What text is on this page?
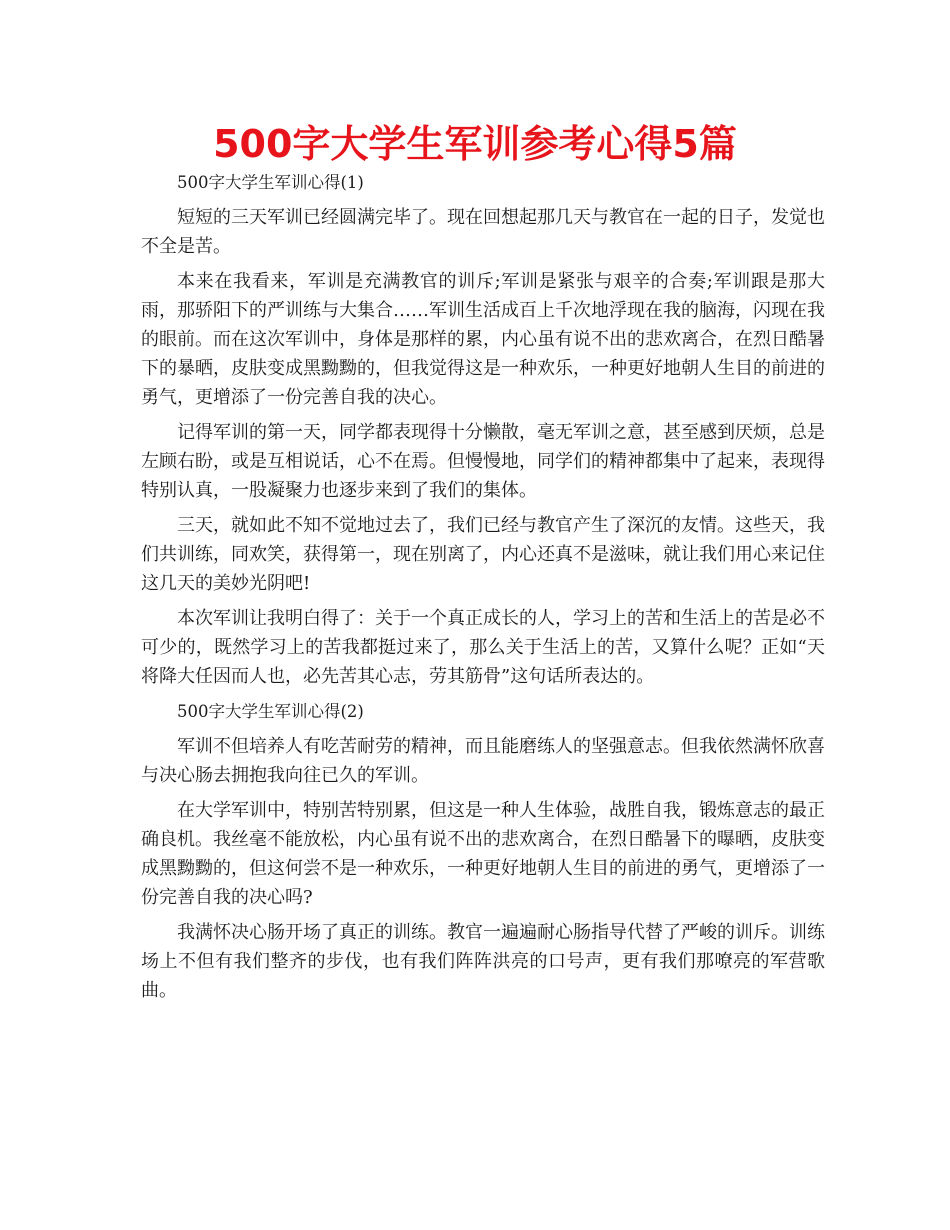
500字大学生军训参考心得5篇

500字大学生军训心得(1)

短短的三天军训已经圆满完毕了。现在回想起那几天与教官在一起的日子，发觉也不全是苦。

本来在我看来，军训是充满教官的训斥;军训是紧张与艰辛的合奏;军训跟是那大雨，那骄阳下的严训练与大集合……军训生活成百上千次地浮现在我的脑海，闪现在我的眼前。而在这次军训中，身体是那样的累，内心虽有说不出的悲欢离合，在烈日酷暑下的暴晒，皮肤变成黑黝黝的，但我觉得这是一种欢乐，一种更好地朝人生目的前进的勇气，更增添了一份完善自我的决心。

记得军训的第一天，同学都表现得十分懒散，毫无军训之意，甚至感到厌烦，总是左顾右盼，或是互相说话，心不在焉。但慢慢地，同学们的精神都集中了起来，表现得特别认真，一股凝聚力也逐步来到了我们的集体。

三天，就如此不知不觉地过去了，我们已经与教官产生了深沉的友情。这些天，我们共训练，同欢笑，获得第一，现在别离了，内心还真不是滋味，就让我们用心来记住这几天的美妙光阴吧!

本次军训让我明白得了：关于一个真正成长的人，学习上的苦和生活上的苦是必不可少的，既然学习上的苦我都挺过来了，那么关于生活上的苦，又算什么呢？正如“天将降大任因而人也，必先苦其心志，劳其筋骨”这句话所表达的。

500字大学生军训心得(2)

军训不但培养人有吃苦耐劳的精神，而且能磨练人的坚强意志。但我依然满怀欣喜与决心肠去拥抱我向往已久的军训。

在大学军训中，特别苦特别累，但这是一种人生体验，战胜自我，锻炼意志的最正确良机。我丝毫不能放松，内心虽有说不出的悲欢离合，在烈日酷暑下的曝晒，皮肤变成黑黝黝的，但这何尝不是一种欢乐，一种更好地朝人生目的前进的勇气，更增添了一份完善自我的决心吗?

我满怀决心肠开场了真正的训练。教官一遍遍耐心肠指导代替了严峻的训斥。训练场上不但有我们整齐的步伐，也有我们阵阵洪亮的口号声，更有我们那嘹亮的军营歌曲。
